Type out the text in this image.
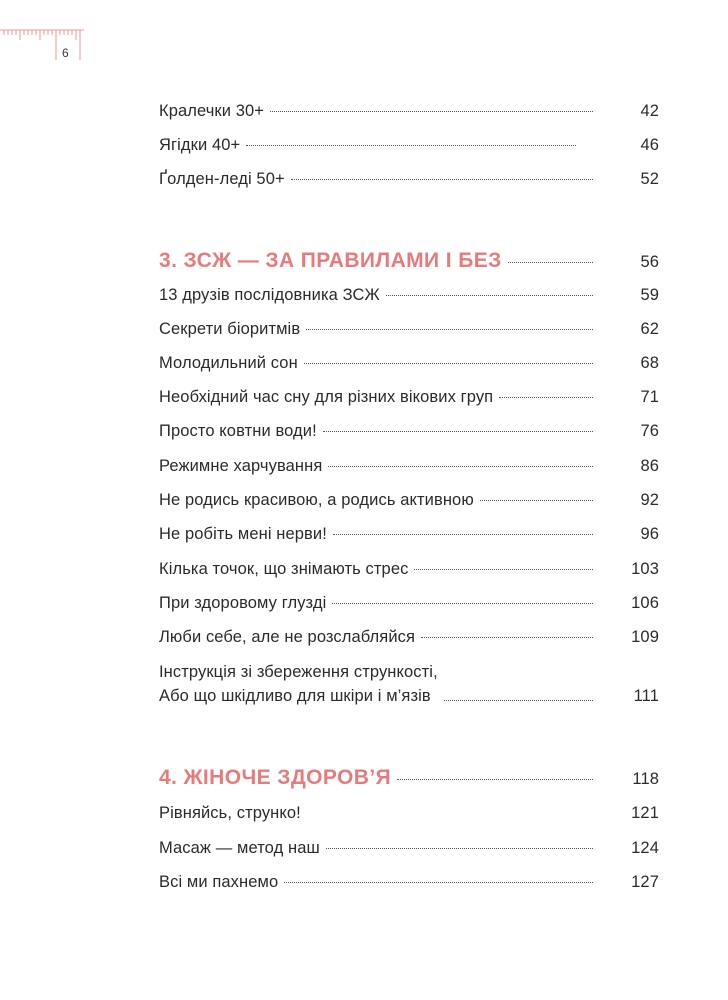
6
Кралечки 30+	42
Ягідки 40+	46
Ґолден-леді 50+	52
3. ЗСЖ — ЗА ПРАВИЛАМИ І БЕЗ	56
13 друзів послідовника ЗСЖ	59
Секрети біоритмів	62
Молодильний сон	68
Необхідний час сну для різних вікових груп	71
Просто ковтни води!	76
Режимне харчування	86
Не родись красивою, а родись активною	92
Не робіть мені нерви!	96
Кілька точок, що знімають стрес	103
При здоровому глузді	106
Люби себе, але не розслабляйся	109
Інструкція зі збереження стрункості,
Або що шкідливо для шкіри і м’язів	111
4. ЖІНОЧЕ ЗДОРОВ’Я	118
Рівняйсь, струнко!	121
Масаж — метод наш	124
Всі ми пахнемо	127
